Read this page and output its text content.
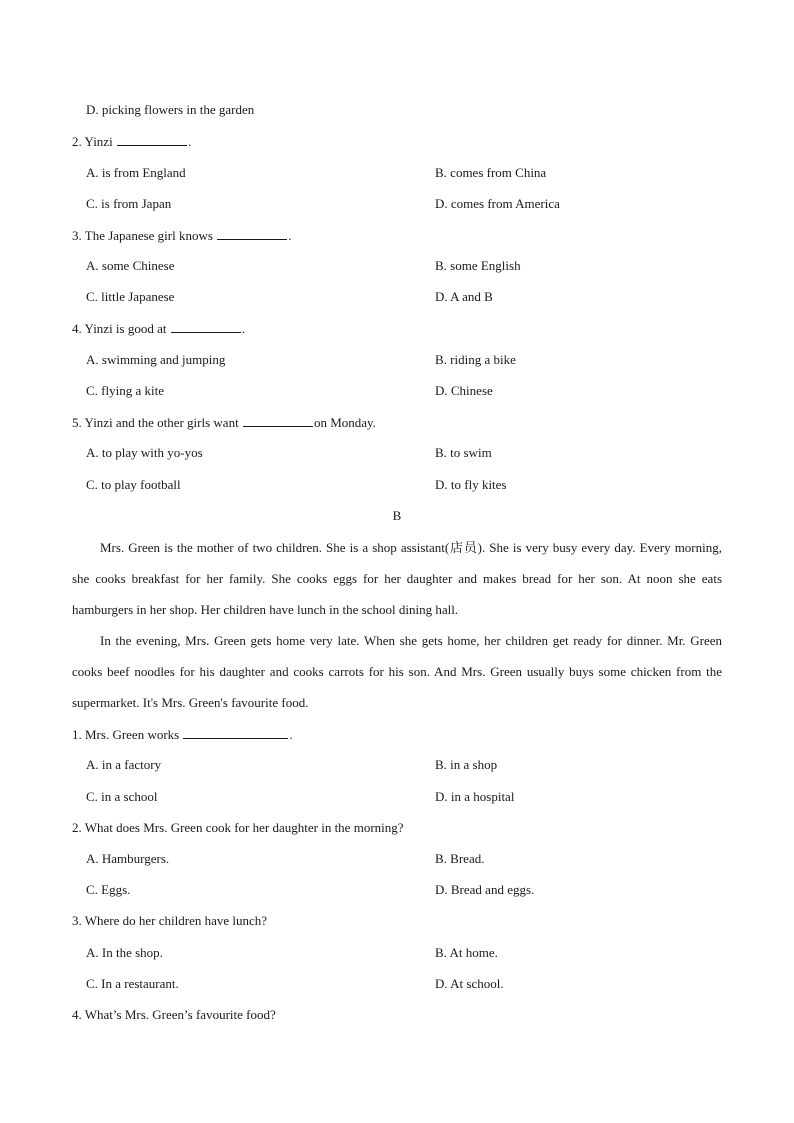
D. picking flowers in the garden
2. Yinzi	.
A. is from England	B. comes from China
C. is from Japan	D. comes from America
3. The Japanese girl knows	.
A. some Chinese	B. some English
C. little Japanese	D. A and B
4. Yinzi is good at	.
A. swimming and jumping	B. riding a bike
C. flying a kite	D. Chinese
5. Yinzi and the other girls want	on Monday.
A. to play with yo-yos	B. to swim
C. to play football	D. to fly kites
B

Mrs. Green is the mother of two children. She is a shop assistant(店员). She is very busy every day. Every morning, she cooks breakfast for her family. She cooks eggs for her daughter and makes bread for her son. At noon she eats hamburgers in her shop. Her children have lunch in the school dining hall.

In the evening, Mrs. Green gets home very late. When she gets home, her children get ready for dinner. Mr. Green cooks beef noodles for his daughter and cooks carrots for his son. And Mrs. Green usually buys some chicken from the supermarket. It's Mrs. Green's favourite food.

1. Mrs. Green works	.
A. in a factory	B. in a shop
C. in a school	D. in a hospital
2. What does Mrs. Green cook for her daughter in the morning?
A. Hamburgers.	B. Bread.
C. Eggs.	D. Bread and eggs.
3. Where do her children have lunch?
A. In the shop.	B. At home.
C. In a restaurant.	D. At school.
4. What’s Mrs. Green’s favourite food?
